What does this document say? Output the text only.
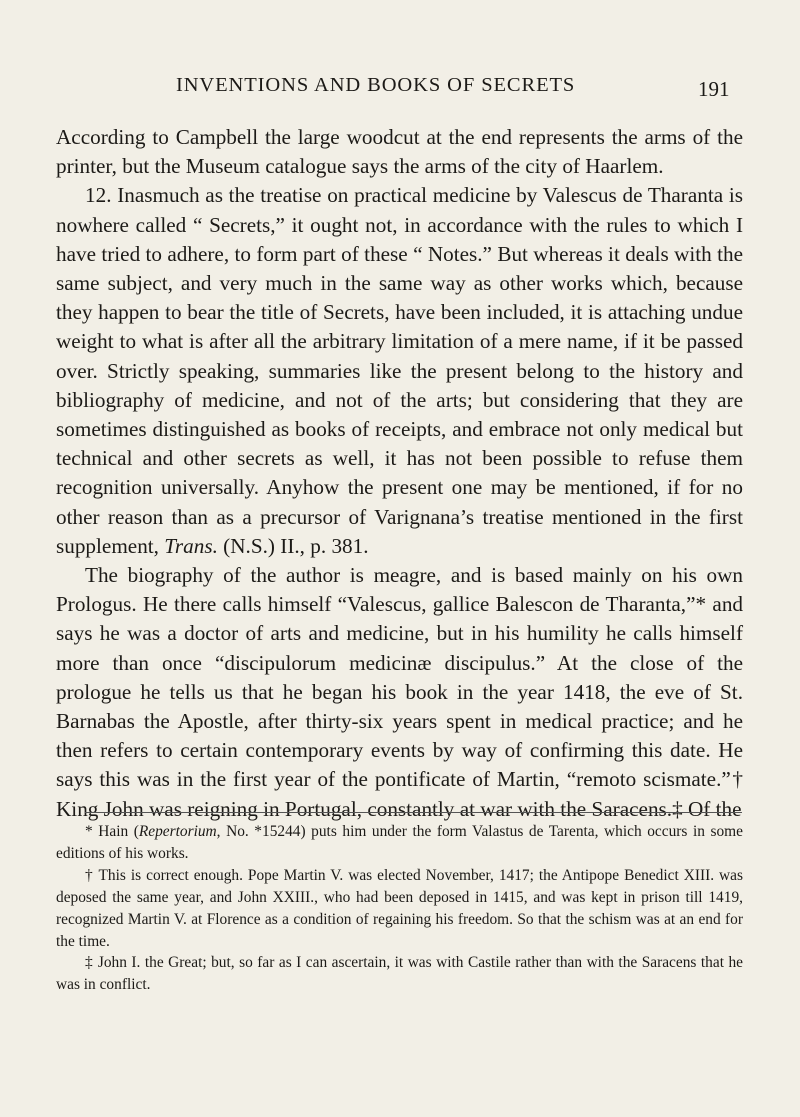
INVENTIONS AND BOOKS OF SECRETS	191

According to Campbell the large woodcut at the end represents the arms of the printer, but the Museum catalogue says the arms of the city of Haarlem.

12. Inasmuch as the treatise on practical medicine by Valescus de Tharanta is nowhere called “ Secrets,” it ought not, in accordance with the rules to which I have tried to adhere, to form part of these “ Notes.” But whereas it deals with the same subject, and very much in the same way as other works which, because they happen to bear the title of Secrets, have been included, it is attaching undue weight to what is after all the arbitrary limitation of a mere name, if it be passed over. Strictly speaking, summaries like the present belong to the history and bibliography of medicine, and not of the arts; but considering that they are sometimes distinguished as books of receipts, and embrace not only medical but technical and other secrets as well, it has not been possible to refuse them recognition universally. Anyhow the present one may be mentioned, if for no other reason than as a precursor of Varignana’s treatise mentioned in the first supplement, Trans. (N.S.) II., p. 381.

The biography of the author is meagre, and is based mainly on his own Prologus. He there calls himself “Valescus, gallice Balescon de Tharanta,”* and says he was a doctor of arts and medicine, but in his humility he calls himself more than once “discipulorum medicinæ discipulus.” At the close of the prologue he tells us that he began his book in the year 1418, the eve of St. Barnabas the Apostle, after thirty-six years spent in medical practice; and he then refers to certain contemporary events by way of confirming this date. He says this was in the first year of the pontificate of Martin, “remoto scismate.”† King John was reigning in Portugal, constantly at war with the Saracens.‡ Of the

* Hain (Repertorium, No. *15244) puts him under the form Valastus de Tarenta, which occurs in some editions of his works.

† This is correct enough. Pope Martin V. was elected November, 1417; the Antipope Benedict XIII. was deposed the same year, and John XXIII., who had been deposed in 1415, and was kept in prison till 1419, recognized Martin V. at Florence as a condition of regaining his freedom. So that the schism was at an end for the time.

‡ John I. the Great; but, so far as I can ascertain, it was with Castile rather than with the Saracens that he was in conflict.
